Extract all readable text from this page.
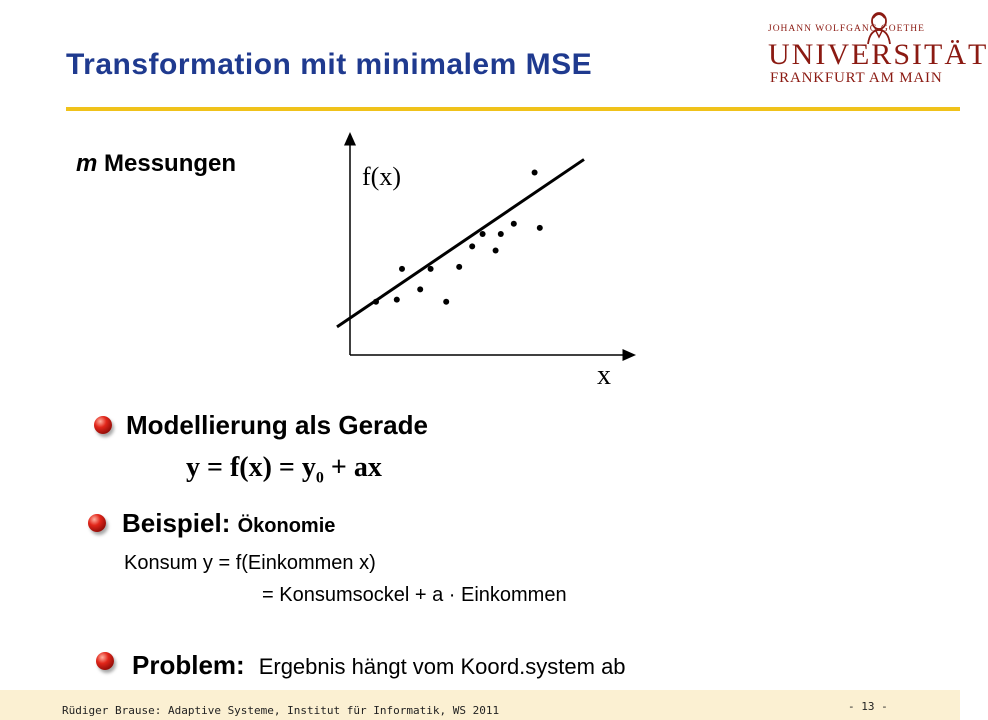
Transformation mit minimalem MSE
JOHANN WOLFGANG GOETHE
UNIVERSITÄT
FRANKFURT AM MAIN
m Messungen	f(x)
x
Modellierung als Gerade
$y = f(x) = y_0$ + ax
Beispiel: Ökonomie
Konsum y = f(Einkommen x)
= Konsumsockel + a · Einkommen
Problem: Ergebnis hängt vom Koord.system ab
Rüdiger Brause: Adaptive Systeme, Institut für Informatik, WS 2011	- 13 -
